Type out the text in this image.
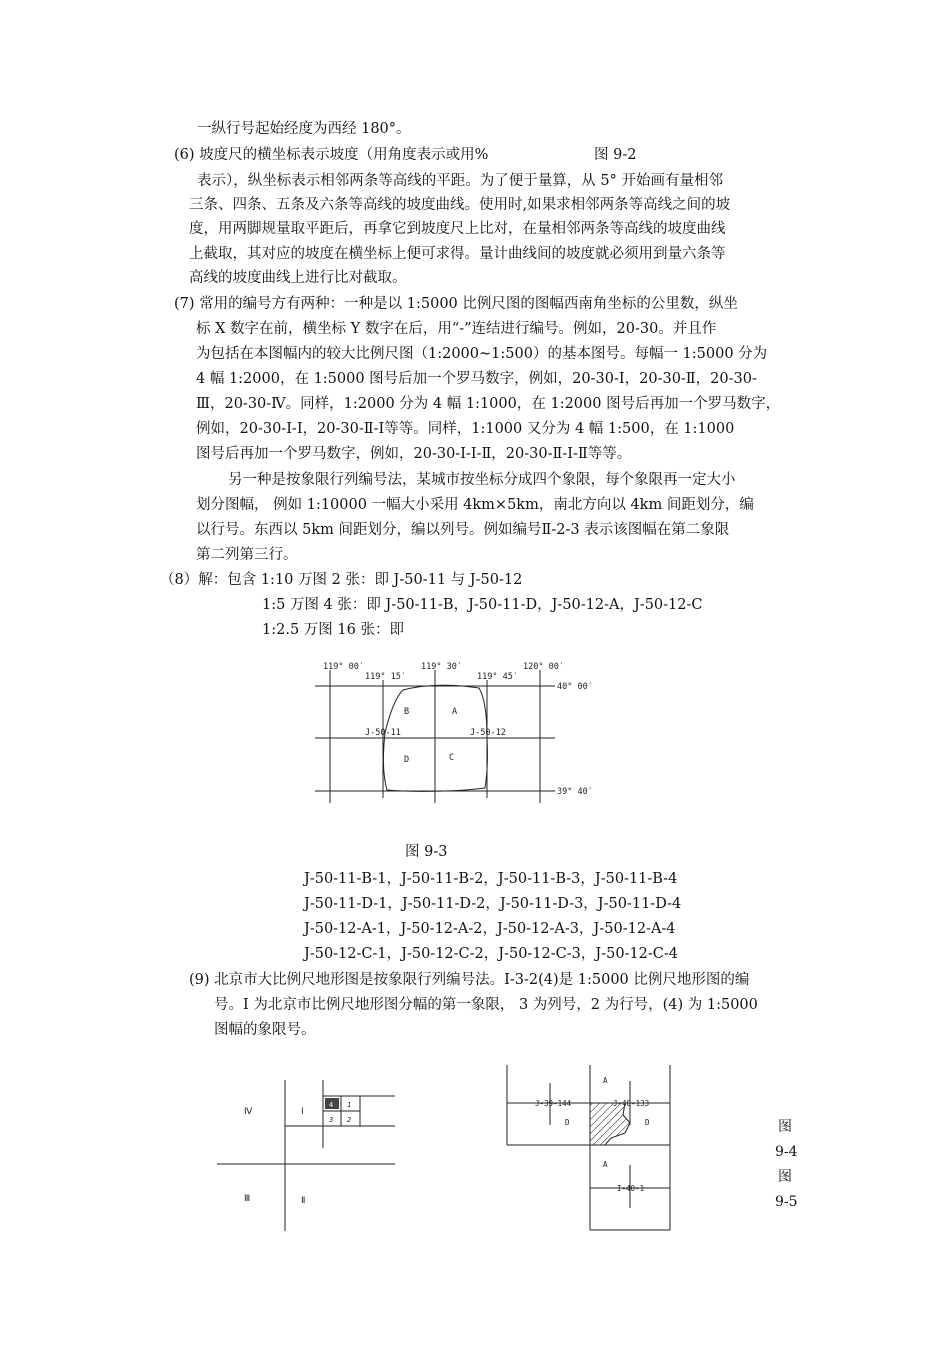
一纵行号起始经度为西经 180°。
(6) 坡度尺的横坐标表示坡度（用角度表示或用%	图 9-2
表示），纵坐标表示相邻两条等高线的平距。为了便于量算，从 5° 开始画有量相邻
三条、四条、五条及六条等高线的坡度曲线。使用时,如果求相邻两条等高线之间的坡
度，用两脚规量取平距后，再拿它到坡度尺上比对，在量相邻两条等高线的坡度曲线
上截取，其对应的坡度在横坐标上便可求得。量计曲线间的坡度就必须用到量六条等
高线的坡度曲线上进行比对截取。
(7) 常用的编号方有两种：一种是以 1:5000 比例尺图的图幅西南角坐标的公里数，纵坐
标 X 数字在前，横坐标 Y 数字在后，用“-”连结进行编号。例如，20-30。并且作
为包括在本图幅内的较大比例尺图（1:2000~1:500）的基本图号。每幅一 1:5000 分为
4 幅 1:2000，在 1:5000 图号后加一个罗马数字，例如，20-30-Ⅰ，20-30-Ⅱ，20-30-
Ⅲ，20-30-Ⅳ。同样，1:2000 分为 4 幅 1:1000，在 1:2000 图号后再加一个罗马数字，
例如，20-30-Ⅰ-Ⅰ，20-30-Ⅱ-Ⅰ等等。同样，1:1000 又分为 4 幅 1:500，在 1:1000
图号后再加一个罗马数字，例如，20-30-Ⅰ-Ⅰ-Ⅱ，20-30-Ⅱ-Ⅰ-Ⅱ等等。
另一种是按象限行列编号法，某城市按坐标分成四个象限，每个象限再一定大小
划分图幅， 例如 1:10000 一幅大小采用 4km×5km，南北方向以 4km 间距划分，编
以行号。东西以 5km 间距划分，编以列号。例如编号Ⅱ-2-3 表示该图幅在第二象限
第二列第三行。
（8）解：包含 1:10 万图 2 张：即 J-50-11 与 J-50-12
1:5 万图 4 张：即 J-50-11-B，J-50-11-D，J-50-12-A，J-50-12-C
1:2.5 万图 16 张：即
119° 00′
119° 15′
119° 30′
119° 45′
120° 00′
40° 00′
39° 40′
B	A
D	C
J-50-11	J-50-12
图 9-3
J-50-11-B-1，J-50-11-B-2，J-50-11-B-3，J-50-11-B-4
J-50-11-D-1，J-50-11-D-2，J-50-11-D-3，J-50-11-D-4
J-50-12-A-1，J-50-12-A-2，J-50-12-A-3，J-50-12-A-4
J-50-12-C-1，J-50-12-C-2，J-50-12-C-3，J-50-12-C-4
(9) 北京市大比例尺地形图是按象限行列编号法。I-3-2(4)是 1:5000 比例尺地形图的编
号。I 为北京市比例尺地形图分幅的第一象限， 3 为列号，2 为行号，(4) 为 1:5000
图幅的象限号。
Ⅳ	Ⅰ
Ⅲ	Ⅱ
4 1
3 2
A
J-39-144	J-40-133
D	D
A
I-40-1
图
9-4
图
9-5
